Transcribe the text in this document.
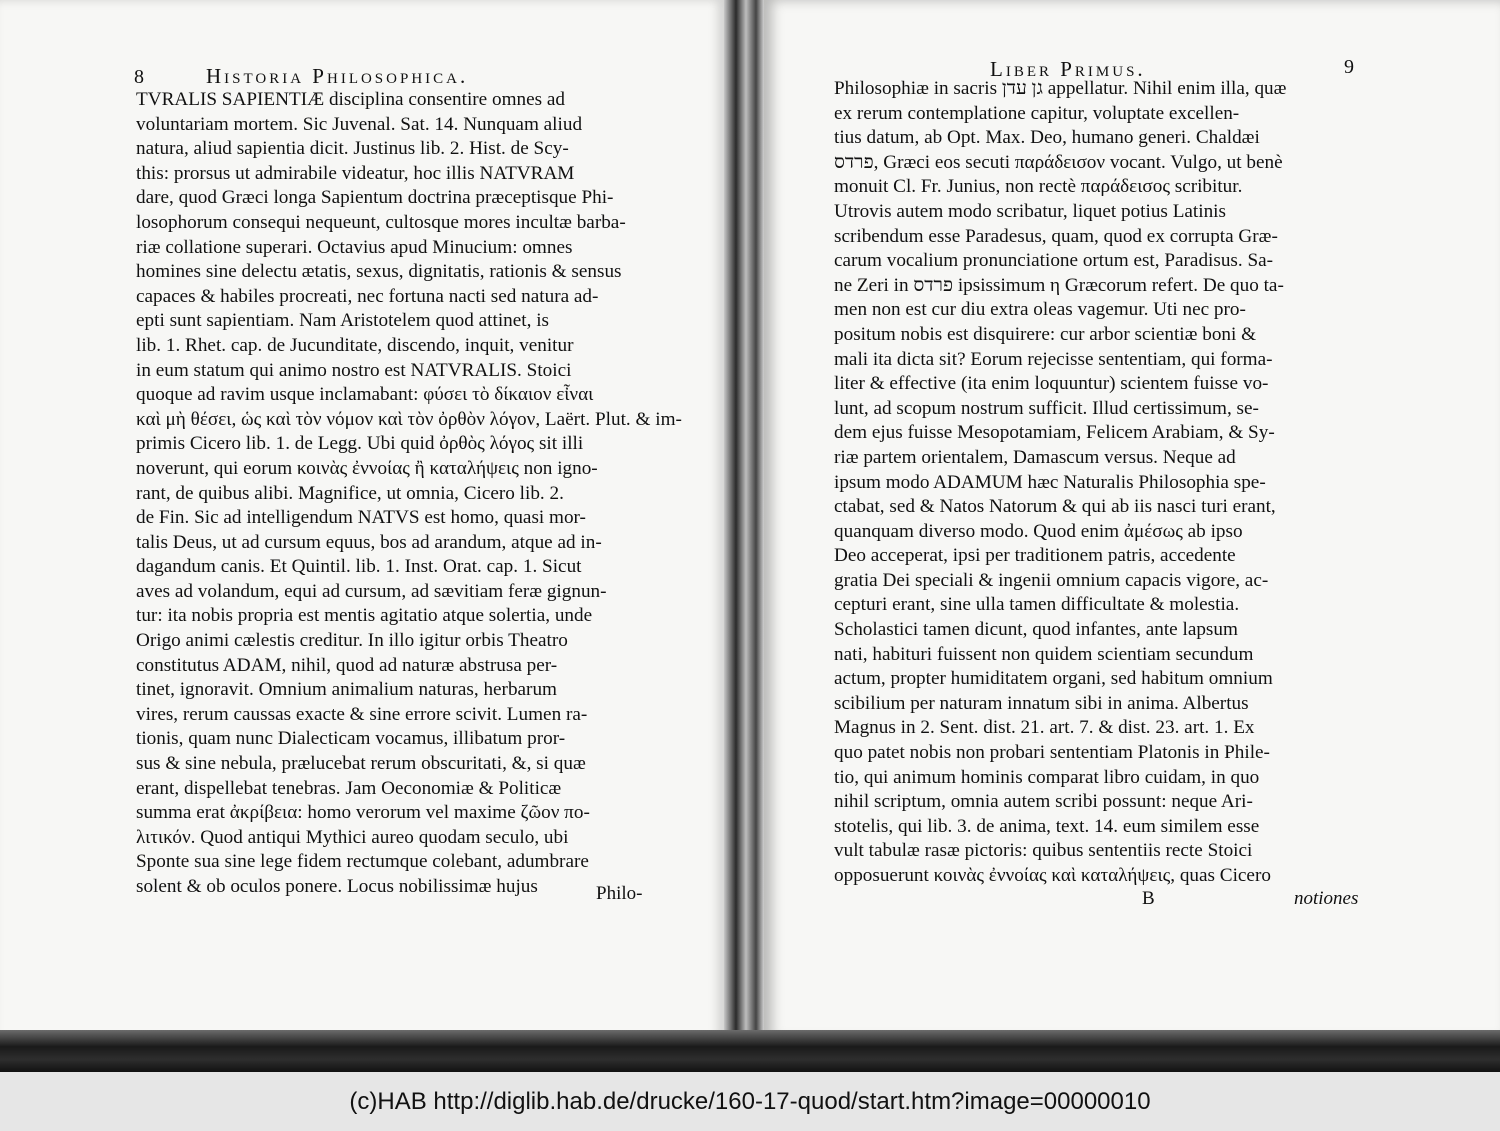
8	Historia Philosophica.
TVRALIS SAPIENTIÆ disciplina consentire omnes ad
voluntariam mortem. Sic Juvenal. Sat. 14. Nunquam aliud
natura, aliud sapientia dicit. Justinus lib. 2. Hist. de Scy-
this: prorsus ut admirabile videatur, hoc illis NATVRAM
dare, quod Græci longa Sapientum doctrina præceptisque Phi-
losophorum consequi nequeunt, cultosque mores incultæ barba-
riæ collatione superari. Octavius apud Minucium: omnes
homines sine delectu ætatis, sexus, dignitatis, rationis & sensus
capaces & habiles procreati, nec fortuna nacti sed natura ad-
epti sunt sapientiam. Nam Aristotelem quod attinet, is
lib. 1. Rhet. cap. de Jucunditate, discendo, inquit, venitur
in eum statum qui animo nostro est NATVRALIS. Stoici
quoque ad ravim usque inclamabant: φύσει τὸ δίκαιον εἶναι
καὶ μὴ θέσει, ὡς καὶ τὸν νόμον καὶ τὸν ὀρθὸν λόγον, Laërt. Plut. & im-
primis Cicero lib. 1. de Legg. Ubi quid ὀρθὸς λόγος sit illi
noverunt, qui eorum κοινὰς ἐννοίας ἢ καταλήψεις non igno-
rant, de quibus alibi. Magnifice, ut omnia, Cicero lib. 2.
de Fin. Sic ad intelligendum NATVS est homo, quasi mor-
talis Deus, ut ad cursum equus, bos ad arandum, atque ad in-
dagandum canis. Et Quintil. lib. 1. Inst. Orat. cap. 1. Sicut
aves ad volandum, equi ad cursum, ad sævitiam feræ gignun-
tur: ita nobis propria est mentis agitatio atque solertia, unde
Origo animi cælestis creditur. In illo igitur orbis Theatro
constitutus ADAM, nihil, quod ad naturæ abstrusa per-
tinet, ignoravit. Omnium animalium naturas, herbarum
vires, rerum caussas exacte & sine errore scivit. Lumen ra-
tionis, quam nunc Dialecticam vocamus, illibatum pror-
sus & sine nebula, prælucebat rerum obscuritati, &, si quæ
erant, dispellebat tenebras. Jam Oeconomiæ & Politicæ
summa erat ἀκρίβεια: homo verorum vel maxime ζῶον πο-
λιτικόν. Quod antiqui Mythici aureo quodam seculo, ubi
Sponte sua sine lege fidem rectumque colebant, adumbrare
solent & ob oculos ponere. Locus nobilissimæ hujus	Philo-
Liber Primus.	9
Philosophiæ in sacris גן עדן appellatur. Nihil enim illa, quæ
ex rerum contemplatione capitur, voluptate excellen-
tius datum, ab Opt. Max. Deo, humano generi. Chaldæi
פרדס, Græci eos secuti παράδεισον vocant. Vulgo, ut benè
monuit Cl. Fr. Junius, non rectè παράδεισος scribitur.
Utrovis autem modo scribatur, liquet potius Latinis
scribendum esse Paradesus, quam, quod ex corrupta Græ-
carum vocalium pronunciatione ortum est, Paradisus. Sa-
ne Zeri in פרדס ipsissimum η Græcorum refert. De quo ta-
men non est cur diu extra oleas vagemur. Uti nec pro-
positum nobis est disquirere: cur arbor scientiæ boni &
mali ita dicta sit? Eorum rejecisse sententiam, qui forma-
liter & effective (ita enim loquuntur) scientem fuisse vo-
lunt, ad scopum nostrum sufficit. Illud certissimum, se-
dem ejus fuisse Mesopotamiam, Felicem Arabiam, & Sy-
riæ partem orientalem, Damascum versus. Neque ad
ipsum modo ADAMUM hæc Naturalis Philosophia spe-
ctabat, sed & Natos Natorum & qui ab iis nasci turi erant,
quanquam diverso modo. Quod enim ἀμέσως ab ipso
Deo acceperat, ipsi per traditionem patris, accedente
gratia Dei speciali & ingenii omnium capacis vigore, ac-
cepturi erant, sine ulla tamen difficultate & molestia.
Scholastici tamen dicunt, quod infantes, ante lapsum
nati, habituri fuissent non quidem scientiam secundum
actum, propter humiditatem organi, sed habitum omnium
scibilium per naturam innatum sibi in anima. Albertus
Magnus in 2. Sent. dist. 21. art. 7. & dist. 23. art. 1. Ex
quo patet nobis non probari sententiam Platonis in Phile-
tio, qui animum hominis comparat libro cuidam, in quo
nihil scriptum, omnia autem scribi possunt: neque Ari-
stotelis, qui lib. 3. de anima, text. 14. eum similem esse
vult tabulæ rasæ pictoris: quibus sententiis recte Stoici
opposuerunt κοινὰς ἐννοίας καὶ καταλήψεις, quas Cicero
B	notiones
(c)HAB http://diglib.hab.de/drucke/160-17-quod/start.htm?image=00000010
